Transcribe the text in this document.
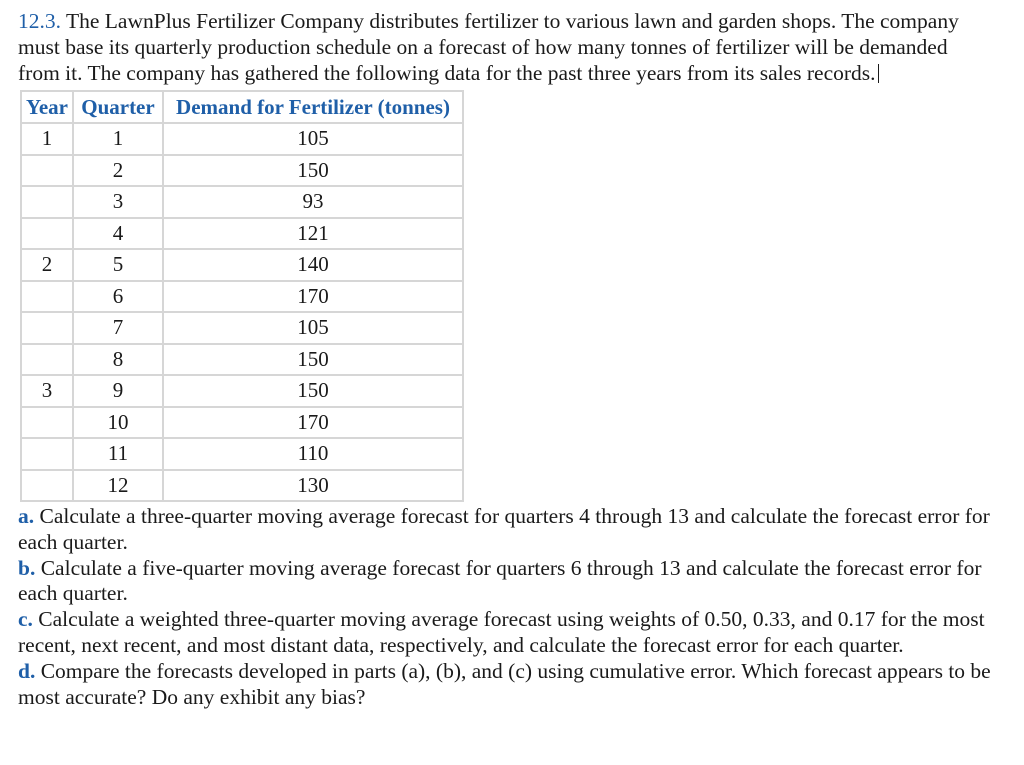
12.3. The LawnPlus Fertilizer Company distributes fertilizer to various lawn and garden shops. The company must base its quarterly production schedule on a forecast of how many tonnes of fertilizer will be demanded from it. The company has gathered the following data for the past three years from its sales records.

Year	Quarter	Demand for Fertilizer (tonnes)
1	1	105
	2	150
	3	93
	4	121
2	5	140
	6	170
	7	105
	8	150
3	9	150
	10	170
	11	110
	12	130

a. Calculate a three-quarter moving average forecast for quarters 4 through 13 and calculate the forecast error for each quarter.

b. Calculate a five-quarter moving average forecast for quarters 6 through 13 and calculate the forecast error for each quarter.

c. Calculate a weighted three-quarter moving average forecast using weights of 0.50, 0.33, and 0.17 for the most recent, next recent, and most distant data, respectively, and calculate the forecast error for each quarter.

d. Compare the forecasts developed in parts (a), (b), and (c) using cumulative error. Which forecast appears to be most accurate? Do any exhibit any bias?
